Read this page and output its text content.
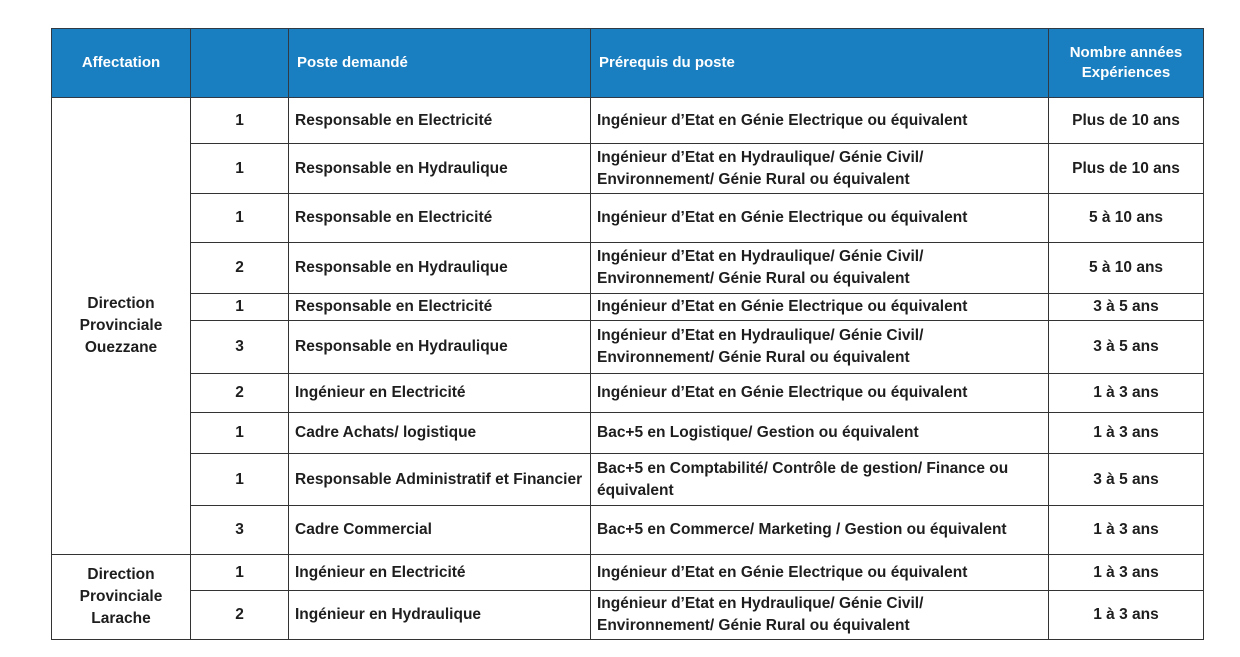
Affectation		Poste demandé	Prérequis du poste	Nombre années Expériences
Direction Provinciale Ouezzane	1	Responsable en Electricité	Ingénieur d’Etat en Génie Electrique ou équivalent	Plus de 10 ans
	1	Responsable en Hydraulique	Ingénieur d’Etat en Hydraulique/ Génie Civil/ Environnement/ Génie Rural ou équivalent	Plus de 10 ans
	1	Responsable en Electricité	Ingénieur d’Etat en Génie Electrique ou équivalent	5 à 10 ans
	2	Responsable en Hydraulique	Ingénieur d’Etat en Hydraulique/ Génie Civil/ Environnement/ Génie Rural ou équivalent	5 à 10 ans
	1	Responsable en Electricité	Ingénieur d’Etat en Génie Electrique ou équivalent	3 à 5 ans
	3	Responsable en Hydraulique	Ingénieur d’Etat en Hydraulique/ Génie Civil/ Environnement/ Génie Rural ou équivalent	3 à 5 ans
	2	Ingénieur en Electricité	Ingénieur d’Etat en Génie Electrique ou équivalent	1 à 3 ans
	1	Cadre Achats/ logistique	Bac+5 en Logistique/ Gestion ou équivalent	1 à 3 ans
	1	Responsable Administratif et Financier	Bac+5 en Comptabilité/ Contrôle de gestion/ Finance ou équivalent	3 à 5 ans
	3	Cadre Commercial	Bac+5 en Commerce/ Marketing / Gestion ou équivalent	1 à 3 ans
Direction Provinciale Larache	1	Ingénieur en Electricité	Ingénieur d’Etat en Génie Electrique ou équivalent	1 à 3 ans
	2	Ingénieur en Hydraulique	Ingénieur d’Etat en Hydraulique/ Génie Civil/ Environnement/ Génie Rural ou équivalent	1 à 3 ans
